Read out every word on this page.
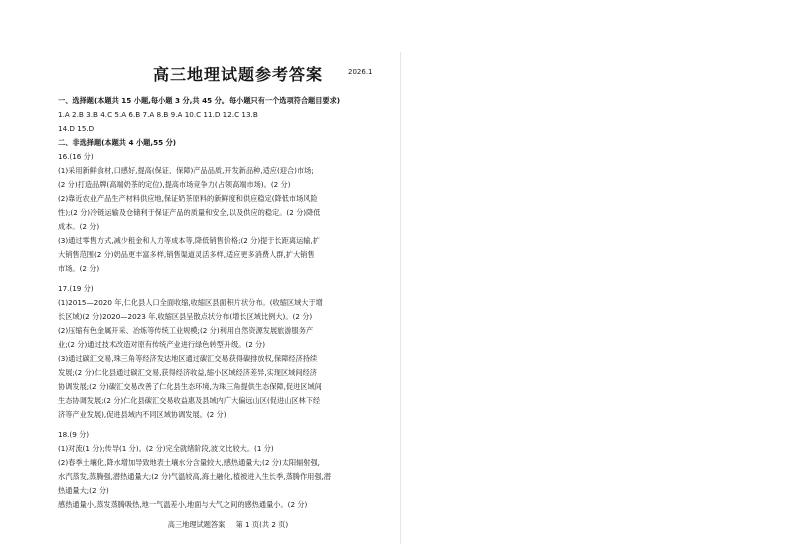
高三地理试题参考答案	2026.1
一、选择题(本题共 15 小题,每小题 3 分,共 45 分。每小题只有一个选项符合题目要求)
1.A 2.B 3.B 4.C 5.A 6.B 7.A 8.B 9.A 10.C 11.D 12.C 13.B
14.D 15.D
二、非选择题(本题共 4 小题,55 分)
16.(16 分)
(1)采用新鲜食材,口感好,提高(保证、保障)产品品质,开发新品种,适应(迎合)市场;
(2 分)打造品牌(高端奶茶的定位),提高市场竞争力(占领高端市场)。(2 分)
(2)靠近农业产品生产材料供应地,保证奶茶原料的新鲜度和供应稳定(降低市场风险
性);(2 分)冷链运输及仓储利于保证产品的质量和安全,以及供应的稳定。(2 分)降低
成本。(2 分)
(3)通过零售方式,减少租金和人力等成本等,降低销售价格;(2 分)提于长距离运输,扩
大销售范围(2 分)奶品更丰富多样,销售渠道灵活多样,适应更多消费人群,扩大销售
市场。(2 分)
17.(19 分)
(1)2015—2020 年,仁化县人口全面收缩,收缩区县面积片状分布。(收缩区域大于增
长区域)(2 分)2020—2023 年,收缩区县呈散点状分布(增长区域比例大)。(2 分)
(2)压缩有色金属开采、冶炼等传统工业规模;(2 分)利用自然资源发展旅游服务产
业;(2 分)通过技术改造对原有传统产业进行绿色转型升级。(2 分)
(3)通过碳汇交易,珠三角等经济发达地区通过碳汇交易获得碳排放权,保障经济持续
发展;(2 分)仁化县通过碳汇交易,获得经济收益,缩小区域经济差异,实现区域间经济
协调发展;(2 分)碳汇交易改善了仁化县生态环境,为珠三角提供生态保障,促进区域间
生态协调发展;(2 分)仁化县碳汇交易收益惠及县域内广大偏远山区(促进山区林下经
济等产业发展),促进县域内不同区域协调发展。(2 分)
18.(9 分)
(1)对流(1 分);传导(1 分)。(2 分)完全就绪阶段,波文比较大。(1 分)
(2)春季土壤化,降水增加导致地表土壤水分含量较大,感热通量大;(2 分)太阳辐射强,
水汽蒸发,蒸腾强,潜热通量大;(2 分)气温较高,海土融化,植被进入生长季,蒸腾作用强,潜
热通量大;(2 分)
感热通量小,蒸发蒸腾吸热,地一气温差小,地面与大气之间的感热通量小。(2 分)
高三地理试题答案 第 1 页(共 2 页)
